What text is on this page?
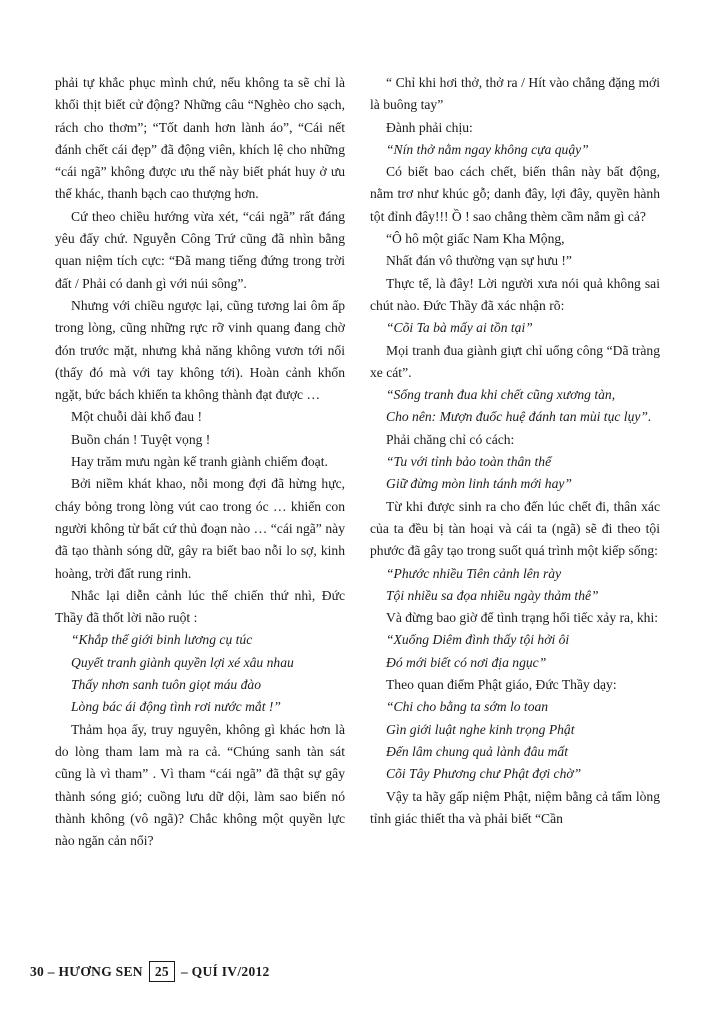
phải tự khắc phục mình chứ, nếu không ta sẽ chỉ là khối thịt biết cử động? Những câu “Nghèo cho sạch, rách cho thơm”; “Tốt danh hơn lành áo”, “Cái nết đánh chết cái đẹp” đã động viên, khích lệ cho những “cái ngã” không được ưu thế này biết phát huy ở ưu thế khác, thanh bạch cao thượng hơn.

Cứ theo chiều hướng vừa xét, “cái ngã” rất đáng yêu đấy chứ. Nguyễn Công Trứ cũng đã nhìn bằng quan niệm tích cực: “Đã mang tiếng đứng trong trời đất / Phải có danh gì với núi sông”.

Nhưng với chiều ngược lại, cũng tương lai ôm ấp trong lòng, cũng những rực rỡ vinh quang đang chờ đón trước mặt, nhưng khả năng không vươn tới nổi (thấy đó mà với tay không tới). Hoàn cảnh khốn ngặt, bức bách khiến ta không thành đạt được …

Một chuỗi dài khổ đau !

Buồn chán ! Tuyệt vọng !

Hay trăm mưu ngàn kế tranh giành chiếm đoạt.

Bởi niềm khát khao, nỗi mong đợi đã hừng hực, cháy bỏng trong lòng vút cao trong óc … khiến con người không từ bất cứ thủ đoạn nào … “cái ngã” này đã tạo thành sóng dữ, gây ra biết bao nỗi lo sợ, kinh hoàng, trời đất rung rinh.

Nhắc lại diễn cảnh lúc thế chiến thứ nhì, Đức Thầy đã thốt lời não ruột :

“Khắp thế giới binh lương cụ túc

Quyết tranh giành quyền lợi xé xâu nhau

Thấy nhơn sanh tuôn giọt máu đào

Lòng bác ái động tình rơi nước mắt !”

Thảm họa ấy, truy nguyên, không gì khác hơn là do lòng tham lam mà ra cả. “Chúng sanh tàn sát cũng là vì tham” . Vì tham “cái ngã” đã thật sự gây thành sóng gió; cuồng lưu dữ dội, làm sao biến nó thành không (vô ngã)? Chắc không một quyền lực nào ngăn cản nổi?

“ Chỉ khi hơi thở, thở ra / Hít vào chẳng đặng mới là buông tay”

Đành phải chịu:

“Nín thở nằm ngay không cựa quậy”

Có biết bao cách chết, biến thân này bất động, nằm trơ như khúc gỗ; danh đây, lợi đây, quyền hành tột đỉnh đây!!! Ồ ! sao chẳng thèm cầm nắm gì cả?

“Ô hô một giấc Nam Kha Mộng,

Nhất đán vô thường vạn sự hưu !”

Thực tế, là đây! Lời người xưa nói quả không sai chút nào. Đức Thầy đã xác nhận rõ:

“Cõi Ta bà mấy ai tồn tại”

Mọi tranh đua giành giựt chỉ uổng công “Dã tràng xe cát”.

“Sống tranh đua khi chết cũng xương tàn,

Cho nên: Mượn đuốc huệ đánh tan mùi tục lụy”.

Phải chăng chỉ có cách:

“Tu với tỉnh bảo toàn thân thể

Giữ đừng mòn linh tánh mới hay”

Từ khi được sinh ra cho đến lúc chết đi, thân xác của ta đều bị tàn hoại và cái ta (ngã) sẽ đi theo tội phước đã gây tạo trong suốt quá trình một kiếp sống:

“Phước nhiều Tiên cảnh lên rày

Tội nhiều sa đọa nhiều ngày thảm thê”

Và đừng bao giờ để tình trạng hối tiếc xảy ra, khi:

“Xuống Diêm đình thấy tội hởi ôi

Đó mới biết có nơi địa ngục”

Theo quan điểm Phật giáo, Đức Thầy dạy:

“Chi cho bằng ta sớm lo toan

Gìn giới luật nghe kinh trọng Phật

Đến lâm chung quả lành đâu mất

Cõi Tây Phương chư Phật đợi chờ”

Vậy ta hãy gấp niệm Phật, niệm bằng cả tấm lòng tỉnh giác thiết tha và phải biết “Cần

30 – HƯƠNG SEN 25 – QUÍ IV/2012
